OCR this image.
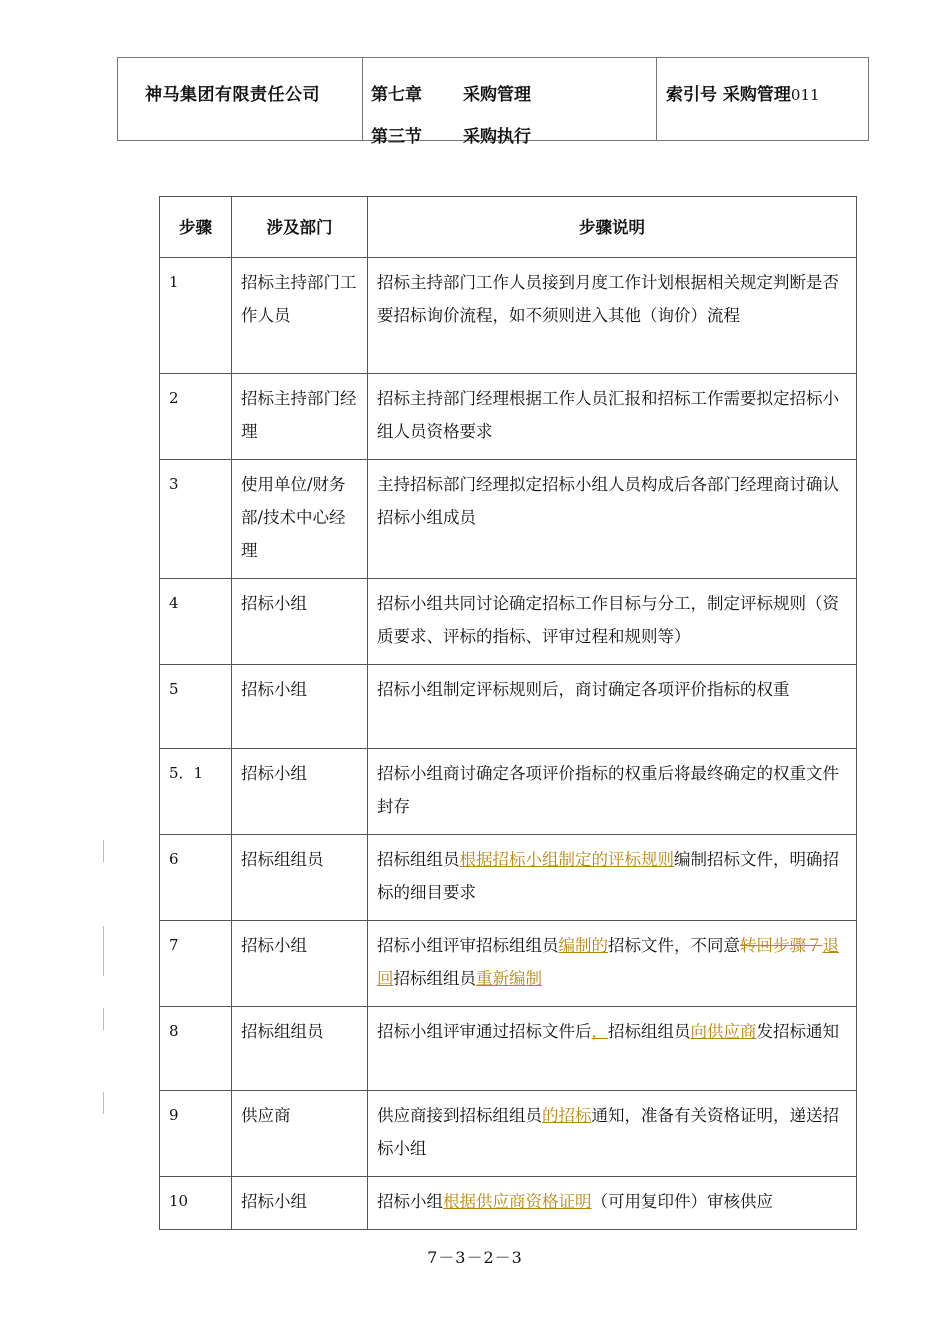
神马集团有限责任公司	第七章 采购管理
第三节 采购执行
索引号 采购管理011
步骤	涉及部门	步骤说明
1	招标主持部门工作人员	招标主持部门工作人员接到月度工作计划根据相关规定判断是否要招标询价流程，如不须则进入其他（询价）流程
2	招标主持部门经理	招标主持部门经理根据工作人员汇报和招标工作需要拟定招标小组人员资格要求
3	使用单位/财务部/技术中心经理	主持招标部门经理拟定招标小组人员构成后各部门经理商讨确认招标小组成员
4	招标小组	招标小组共同讨论确定招标工作目标与分工，制定评标规则（资质要求、评标的指标、评审过程和规则等）
5	招标小组	招标小组制定评标规则后，商讨确定各项评价指标的权重
5．1	招标小组	招标小组商讨确定各项评价指标的权重后将最终确定的权重文件封存
6	招标组组员	招标组组员根据招标小组制定的评标规则编制招标文件，明确招标的细目要求
7	招标小组	招标小组评审招标组组员编制的招标文件，不同意转回步骤７退回招标组组员重新编制
8	招标组组员	招标小组评审通过招标文件后，招标组组员向供应商发招标通知
9	供应商	供应商接到招标组组员的招标通知，准备有关资格证明，递送招标小组
10	招标小组	招标小组根据供应商资格证明（可用复印件）审核供应
7－3－2－3
